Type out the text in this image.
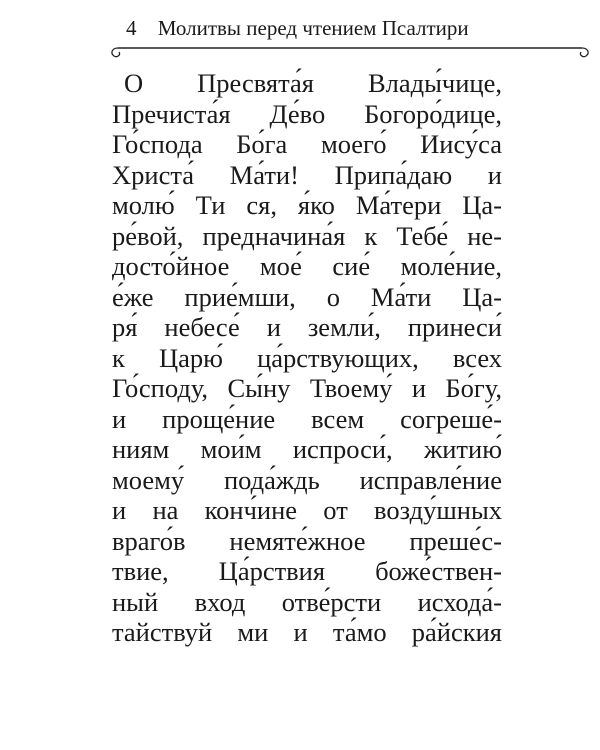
4 Молитвы перед чтением Псалтири
О Пресвята́я Влады́чице,
Пречиста́я Де́во Богоро́дице,
Го́спода Бо́га моего́ Иису́са
Христа́ Ма́ти! Припа́даю и
молю́ Ти ся, я́ко Ма́тери Ца-
ре́вой, предначина́я к Тебе́ не-
досто́йное мое́ сие́ моле́ние,
е́же прие́мши, о Ма́ти Ца-
ря́ небесе́ и земли́, принеси́
к Царю́ ца́рствующих, всех
Го́споду, Сы́ну Твоему́ и Бо́гу,
и проще́ние всем согреше́-
ниям мои́м испроси́, житию́
моему́ пода́ждь исправле́ние
и на конч́ине от возду́шных
враго́в немяте́жное преше́с-
твие, Ца́рствия боже́ствен-
ный вход отве́рсти исхода́-
тайствуй ми и та́мо ра́йския
